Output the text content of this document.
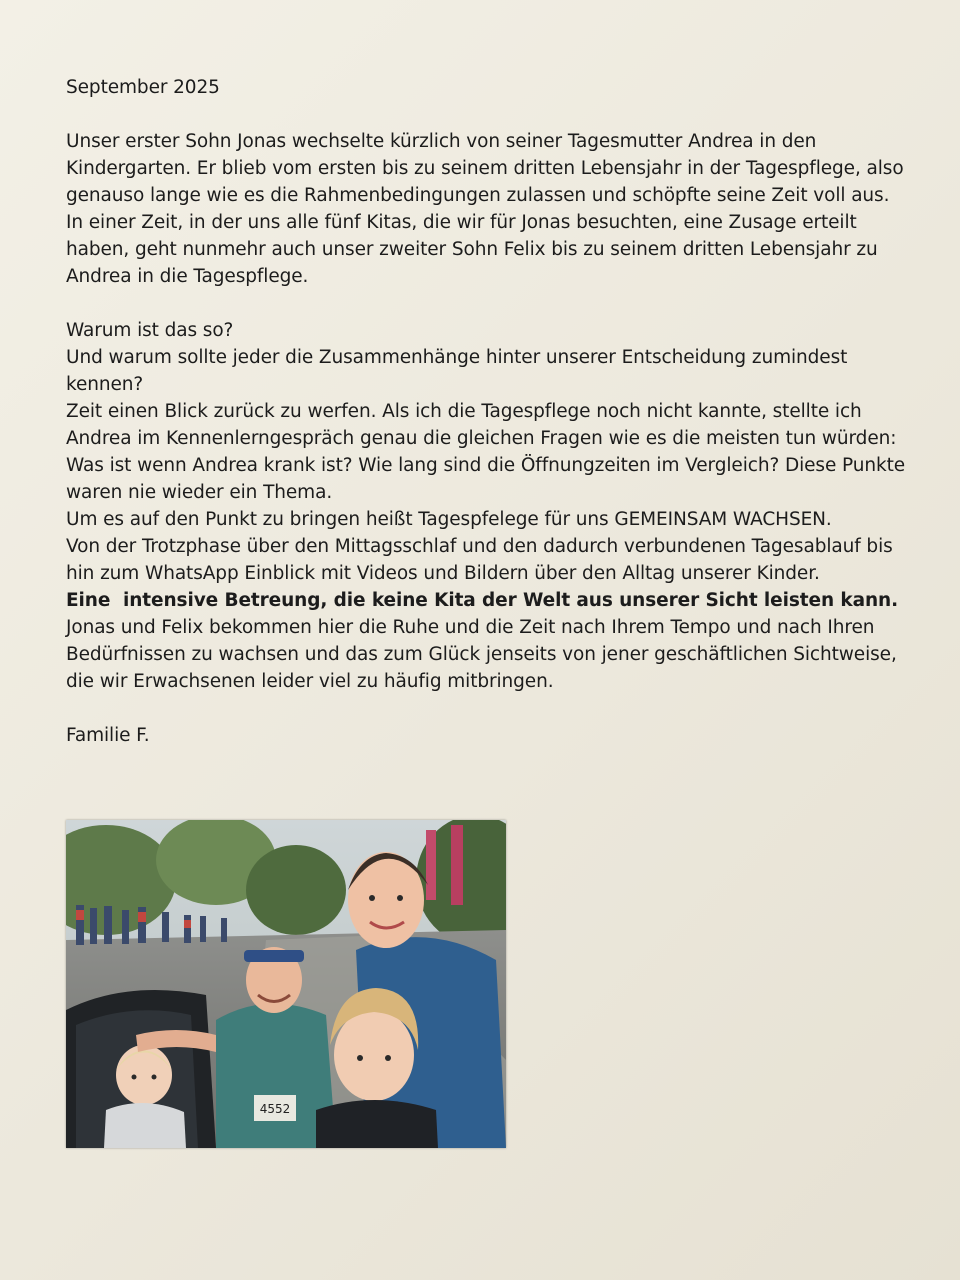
September 2025

Unser erster Sohn Jonas wechselte kürzlich von seiner Tagesmutter Andrea in den Kindergarten. Er blieb vom ersten bis zu seinem dritten Lebensjahr in der Tagespflege, also genauso lange wie es die Rahmenbedingungen zulassen und schöpfte seine Zeit voll aus. In einer Zeit, in der uns alle fünf Kitas, die wir für Jonas besuchten, eine Zusage erteilt haben, geht nunmehr auch unser zweiter Sohn Felix bis zu seinem dritten Lebensjahr zu Andrea in die Tagespflege.

Warum ist das so?

Und warum sollte jeder die Zusammenhänge hinter unserer Entscheidung zumindest kennen?

Zeit einen Blick zurück zu werfen. Als ich die Tagespflege noch nicht kannte, stellte ich Andrea im Kennenlerngespräch genau die gleichen Fragen wie es die meisten tun würden: Was ist wenn Andrea krank ist? Wie lang sind die Öffnungzeiten im Vergleich? Diese Punkte waren nie wieder ein Thema.

Um es auf den Punkt zu bringen heißt Tagespfelege für uns GEMEINSAM WACHSEN.

Von der Trotzphase über den Mittagsschlaf und den dadurch verbundenen Tagesablauf bis hin zum WhatsApp Einblick mit Videos und Bildern über den Alltag unserer Kinder.

Eine  intensive Betreung, die keine Kita der Welt aus unserer Sicht leisten kann.

Jonas und Felix bekommen hier die Ruhe und die Zeit nach Ihrem Tempo und nach Ihren Bedürfnissen zu wachsen und das zum Glück jenseits von jener geschäftlichen Sichtweise, die wir Erwachsenen leider viel zu häufig mitbringen.

Familie F.

4552
